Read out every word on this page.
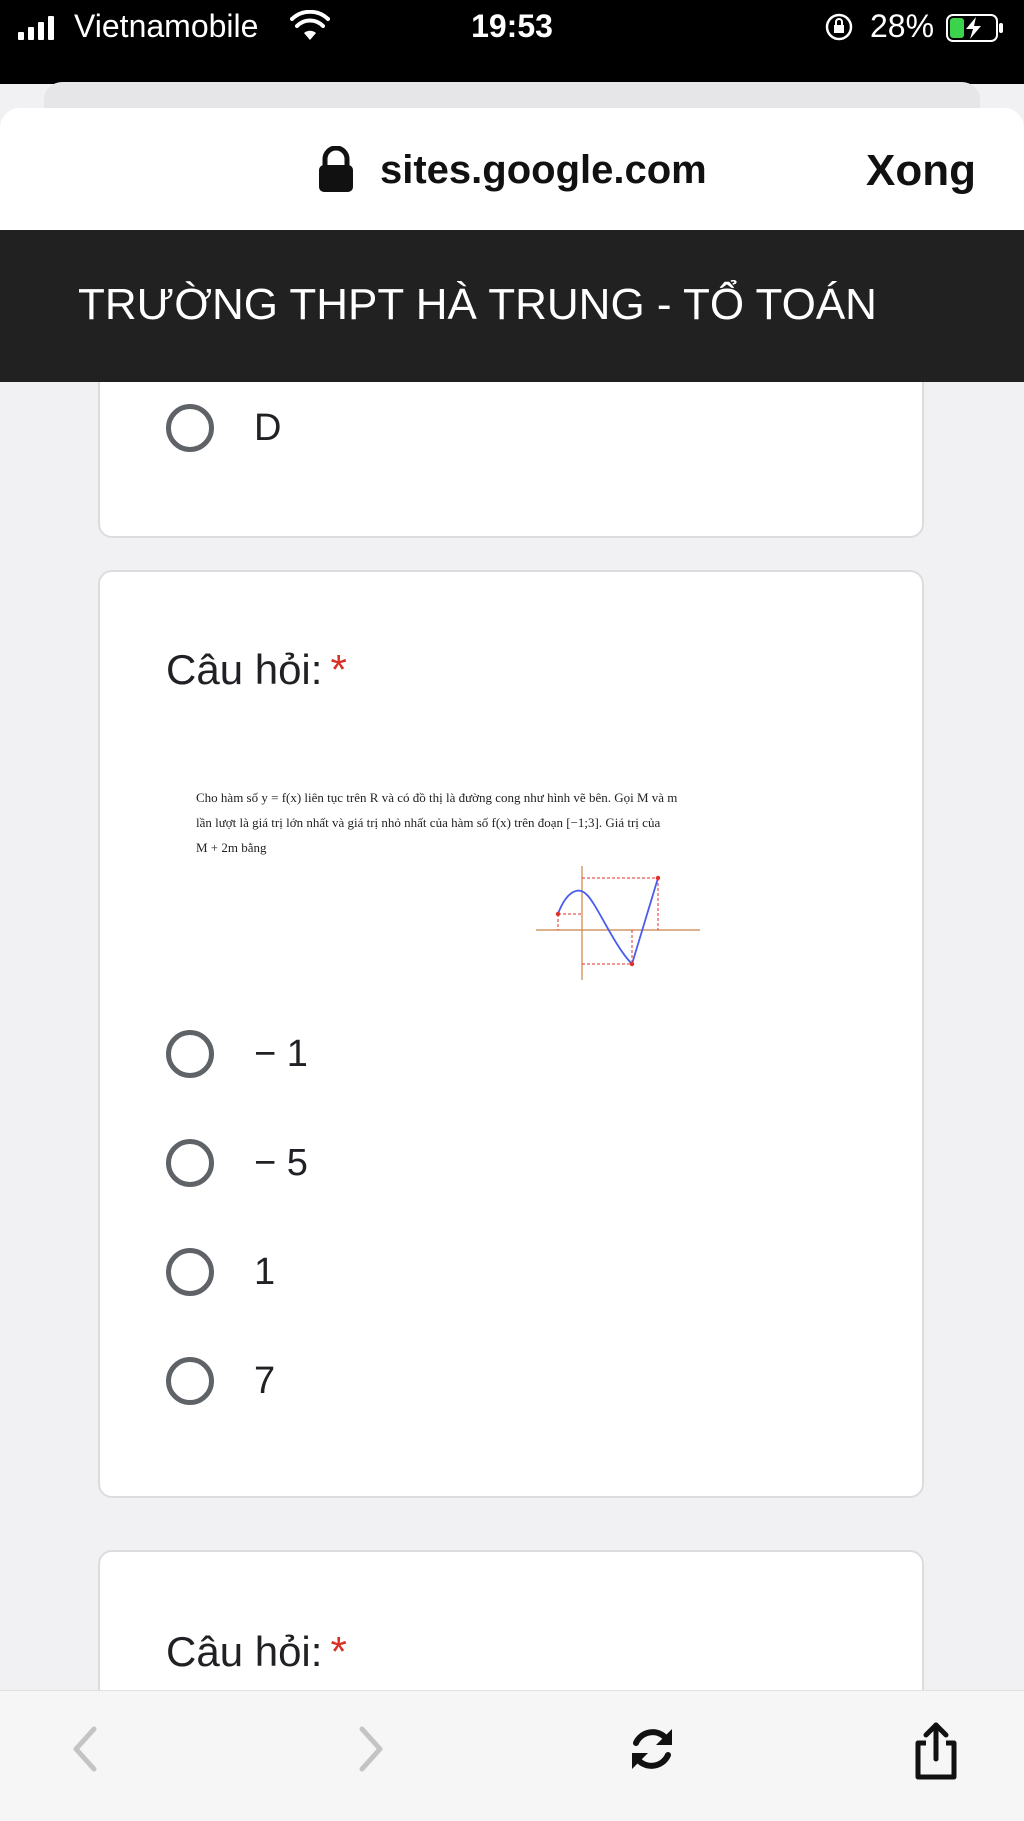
Vietnamobile	19:53	28%
sites.google.com	Xong
TRƯỜNG THPT HÀ TRUNG - TỔ TOÁN
D
Câu hỏi: *
Cho hàm số y = f(x) liên tục trên R và có đồ thị là đường cong như hình vẽ bên. Gọi M và m
lần lượt là giá trị lớn nhất và giá trị nhỏ nhất của hàm số f(x) trên đoạn [−1;3]. Giá trị của
M + 2m bằng
− 1
− 5
1
7
Câu hỏi: *
